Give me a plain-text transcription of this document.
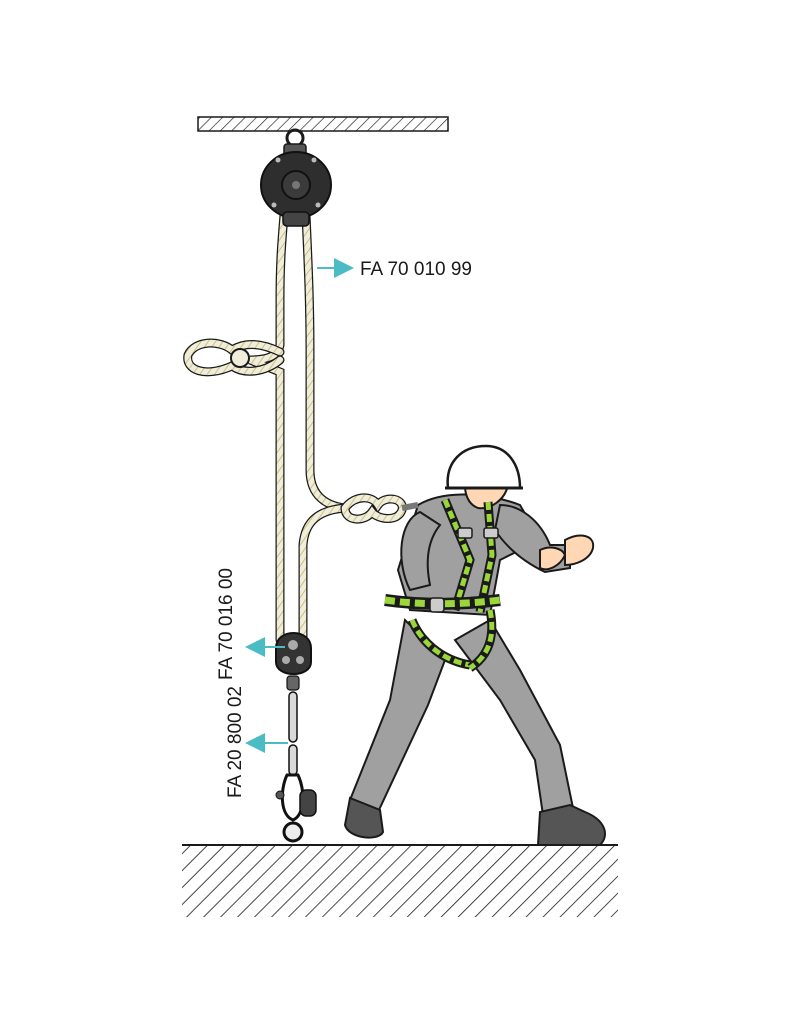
FA 70 010 99
FA 70 016 00
FA 20 800 02
